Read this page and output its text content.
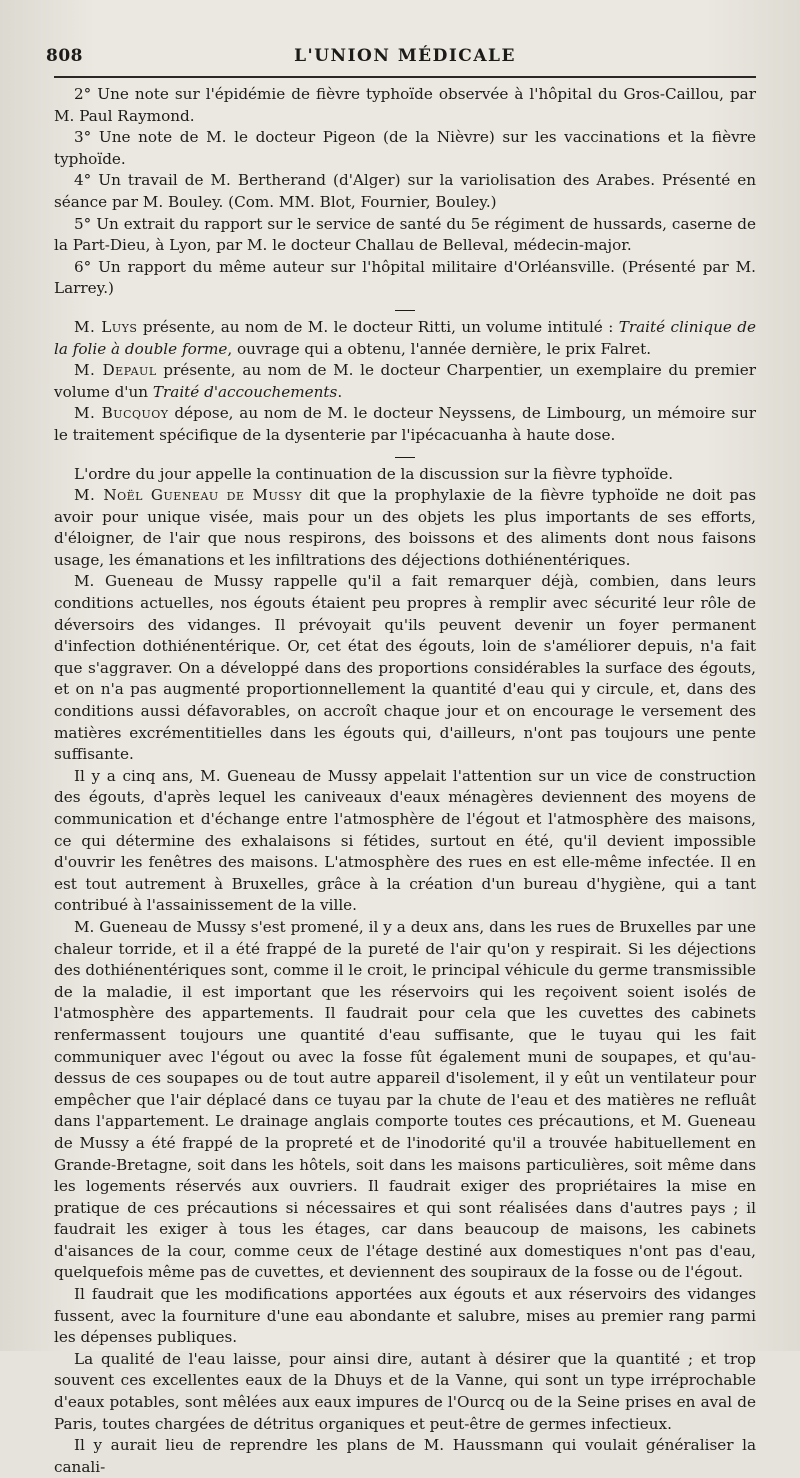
808	L'UNION MÉDICALE

2° Une note sur l'épidémie de fièvre typhoïde observée à l'hôpital du Gros-Caillou, par M. Paul Raymond.

3° Une note de M. le docteur Pigeon (de la Nièvre) sur les vaccinations et la fièvre typhoïde.

4° Un travail de M. Bertherand (d'Alger) sur la variolisation des Arabes. Présenté en séance par M. Bouley. (Com. MM. Blot, Fournier, Bouley.)

5° Un extrait du rapport sur le service de santé du 5e régiment de hussards, caserne de la Part-Dieu, à Lyon, par M. le docteur Challau de Belleval, médecin-major.

6° Un rapport du même auteur sur l'hôpital militaire d'Orléansville. (Présenté par M. Larrey.)

M. Luys présente, au nom de M. le docteur Ritti, un volume intitulé : Traité clinique de la folie à double forme, ouvrage qui a obtenu, l'année dernière, le prix Falret.

M. Depaul présente, au nom de M. le docteur Charpentier, un exemplaire du premier volume d'un Traité d'accouchements.

M. Bucquoy dépose, au nom de M. le docteur Neyssens, de Limbourg, un mémoire sur le traitement spécifique de la dysenterie par l'ipécacuanha à haute dose.

L'ordre du jour appelle la continuation de la discussion sur la fièvre typhoïde.

M. Noël Gueneau de Mussy dit que la prophylaxie de la fièvre typhoïde ne doit pas avoir pour unique visée, mais pour un des objets les plus importants de ses efforts, d'éloigner, de l'air que nous respirons, des boissons et des aliments dont nous faisons usage, les émanations et les infiltrations des déjections dothiénentériques.

M. Gueneau de Mussy rappelle qu'il a fait remarquer déjà, combien, dans leurs conditions actuelles, nos égouts étaient peu propres à remplir avec sécurité leur rôle de déversoirs des vidanges. Il prévoyait qu'ils peuvent devenir un foyer permanent d'infection dothiénentérique. Or, cet état des égouts, loin de s'améliorer depuis, n'a fait que s'aggraver. On a développé dans des proportions considérables la surface des égouts, et on n'a pas augmenté proportionnellement la quantité d'eau qui y circule, et, dans des conditions aussi défavorables, on accroît chaque jour et on encourage le versement des matières excrémentitielles dans les égouts qui, d'ailleurs, n'ont pas toujours une pente suffisante.

Il y a cinq ans, M. Gueneau de Mussy appelait l'attention sur un vice de construction des égouts, d'après lequel les caniveaux d'eaux ménagères deviennent des moyens de communication et d'échange entre l'atmosphère de l'égout et l'atmosphère des maisons, ce qui détermine des exhalaisons si fétides, surtout en été, qu'il devient impossible d'ouvrir les fenêtres des maisons. L'atmosphère des rues en est elle-même infectée. Il en est tout autrement à Bruxelles, grâce à la création d'un bureau d'hygiène, qui a tant contribué à l'assainissement de la ville.

M. Gueneau de Mussy s'est promené, il y a deux ans, dans les rues de Bruxelles par une chaleur torride, et il a été frappé de la pureté de l'air qu'on y respirait. Si les déjections des dothiénentériques sont, comme il le croit, le principal véhicule du germe transmissible de la maladie, il est important que les réservoirs qui les reçoivent soient isolés de l'atmosphère des appartements. Il faudrait pour cela que les cuvettes des cabinets renfermassent toujours une quantité d'eau suffisante, que le tuyau qui les fait communiquer avec l'égout ou avec la fosse fût également muni de soupapes, et qu'au-dessus de ces soupapes ou de tout autre appareil d'isolement, il y eût un ventilateur pour empêcher que l'air déplacé dans ce tuyau par la chute de l'eau et des matières ne refluât dans l'appartement. Le drainage anglais comporte toutes ces précautions, et M. Gueneau de Mussy a été frappé de la propreté et de l'inodorité qu'il a trouvée habituellement en Grande-Bretagne, soit dans les hôtels, soit dans les maisons particulières, soit même dans les logements réservés aux ouvriers. Il faudrait exiger des propriétaires la mise en pratique de ces précautions si nécessaires et qui sont réalisées dans d'autres pays ; il faudrait les exiger à tous les étages, car dans beaucoup de maisons, les cabinets d'aisances de la cour, comme ceux de l'étage destiné aux domestiques n'ont pas d'eau, quelquefois même pas de cuvettes, et deviennent des soupiraux de la fosse ou de l'égout.

Il faudrait que les modifications apportées aux égouts et aux réservoirs des vidanges fussent, avec la fourniture d'une eau abondante et salubre, mises au premier rang parmi les dépenses publiques.

La qualité de l'eau laisse, pour ainsi dire, autant à désirer que la quantité ; et trop souvent ces excellentes eaux de la Dhuys et de la Vanne, qui sont un type irréprochable d'eaux potables, sont mêlées aux eaux impures de l'Ourcq ou de la Seine prises en aval de Paris, toutes chargées de détritus organiques et peut-être de germes infectieux.

Il y aurait lieu de reprendre les plans de M. Haussmann qui voulait généraliser la canali-
